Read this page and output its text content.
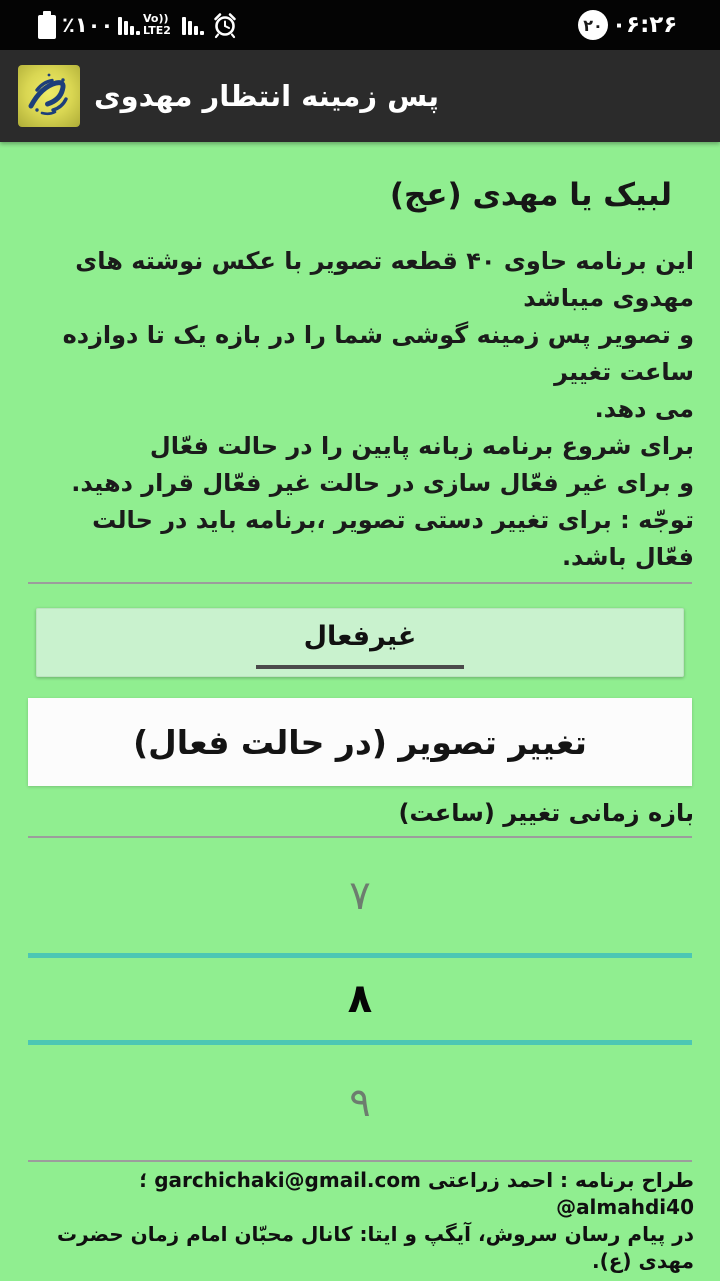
٪۱۰۰	Vo))
LTE2	۲۰ ۰۶:۲۶
پس زمینه انتظار مهدوی
لبیک یا مهدی (عج)
این برنامه حاوی ۴۰ قطعه تصویر با عکس نوشته های مهدوی میباشد
و تصویر پس زمینه گوشی شما را در بازه یک تا دوازده ساعت تغییر
می دهد.
برای شروع برنامه زبانه پایین را در حالت فعّال
و برای غیر فعّال سازی در حالت غیر فعّال قرار دهید.
توجّه : برای تغییر دستی تصویر ،برنامه باید در حالت فعّال باشد.
غیرفعال
تغییر تصویر (در حالت فعال)
بازه زمانی تغییر (ساعت)
۷
۸
۹
طراح برنامه : احمد زراعتی garchichaki@gmail.com ؛ @almahdi40
در پیام رسان سروش، آیگپ و ایتا: کانال محبّان امام زمان حضرت مهدی (ع).
